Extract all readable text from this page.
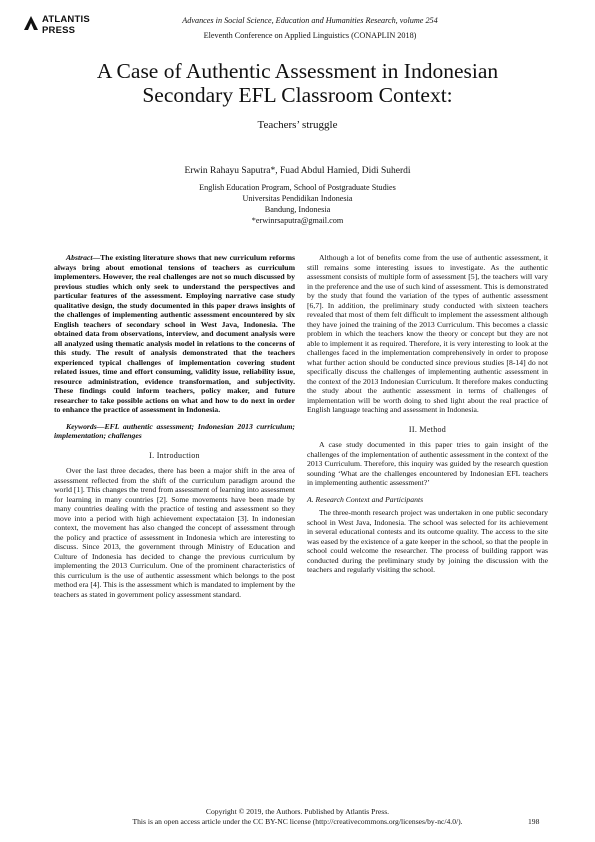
ATLANTIS
PRESS
Advances in Social Science, Education and Humanities Research, volume 254
Eleventh Conference on Applied Linguistics (CONAPLIN 2018)
A Case of Authentic Assessment in Indonesian
Secondary EFL Classroom Context:
Teachers’ struggle
Erwin Rahayu Saputra*, Fuad Abdul Hamied, Didi Suherdi
English Education Program, School of Postgraduate Studies
Universitas Pendidikan Indonesia
Bandung, Indonesia
*erwinrsaputra@gmail.com

Abstract—The existing literature shows that new curriculum reforms always bring about emotional tensions of teachers as curriculum implementers. However, the real challenges are not so much discussed by previous studies which only seek to understand the perspectives and particular features of the assessment. Employing narrative case study qualitative design, the study documented in this paper draws insights of the challenges of implementing authentic assessment encountered by six English teachers of secondary school in West Java, Indonesia. The obtained data from observations, interview, and document analysis were all analyzed using thematic analysis model in relations to the concerns of this study. The result of analysis demonstrated that the teachers experienced typical challenges of implementation covering student related issues, time and effort consuming, validity issue, reliability issue, resource administration, evidence transformation, and subjectivity. These findings could inform teachers, policy maker, and future researcher to take possible actions on what and how to do next in order to enhance the practice of assessment in Indonesia.

Keywords—EFL authentic assessment; Indonesian 2013 curriculum; implementation; challenges

I. Introduction

Over the last three decades, there has been a major shift in the area of assessment reflected from the shift of the curriculum paradigm around the world [1]. This changes the trend from assessment of learning into assessment for learning in many countries [2]. Some movements have been made by many countries dealing with the practice of testing and assessment so they move into a period with high achievement expectataion [3]. In indonesian context, the movement has also changed the concept of assessment through the policy and practice of assessment in Indonesia which are interesting to discuss. Since 2013, the government through Ministry of Education and Culture of Indonesia has decided to change the previous curriculum by implementing the 2013 Curriculum. One of the prominent characteristics of this curriculum is the use of authentic assessment which belongs to the post method era [4]. This is the assessment which is mandated to implement by the teachers as stated in government policy assessment standard.

Although a lot of benefits come from the use of authentic assessment, it still remains some interesting issues to investigate. As the authentic assessment consists of multiple form of assessment [5], the teachers will vary in the preference and the use of such kind of assessment. This is demonstrated by the study that found the variation of the types of authentic assessment [6,7]. In addition, the preliminary study conducted with sixteen teachers revealed that most of them felt difficult to implement the assessment although they have joined the training of the 2013 Curriculum. This becomes a classic problem in which the teachers know the theory or concept but they are not able to implement it as required. Therefore, it is very interesting to look at the challenges faced in the implementation comprehensively in order to propose what further action should be conducted since previous studies [8-14] do not specifically discuss the challenges of implementing authentic assessment in the context of the 2013 Indonesian Curriculum. It therefore makes conducting the study about the authentic assessment in terms of challenges of implementation will be worth doing to shed light about the real practice of English language teaching and assessment in Indonesia.

II. Method

A case study documented in this paper tries to gain insight of the challenges of the implementation of authentic assessment in the context of the 2013 Curriculum. Therefore, this inquiry was guided by the research question sounding ‘What are the challenges encountered by Indonesian EFL teachers in implementing authentic assessment?’

A. Research Context and Participants

The three-month research project was undertaken in one public secondary school in West Java, Indonesia. The school was selected for its achievement in several educational contests and its outcome quality. The access to the site was eased by the existence of a gate keeper in the school, so that the people in school could welcome the researcher. The process of building rapport was conducted during the preliminary study by joining the discussion with the teachers and regularly visiting the school.

Copyright © 2019, the Authors. Published by Atlantis Press.
This is an open access article under the CC BY-NC license (http://creativecommons.org/licenses/by-nc/4.0/).	198
